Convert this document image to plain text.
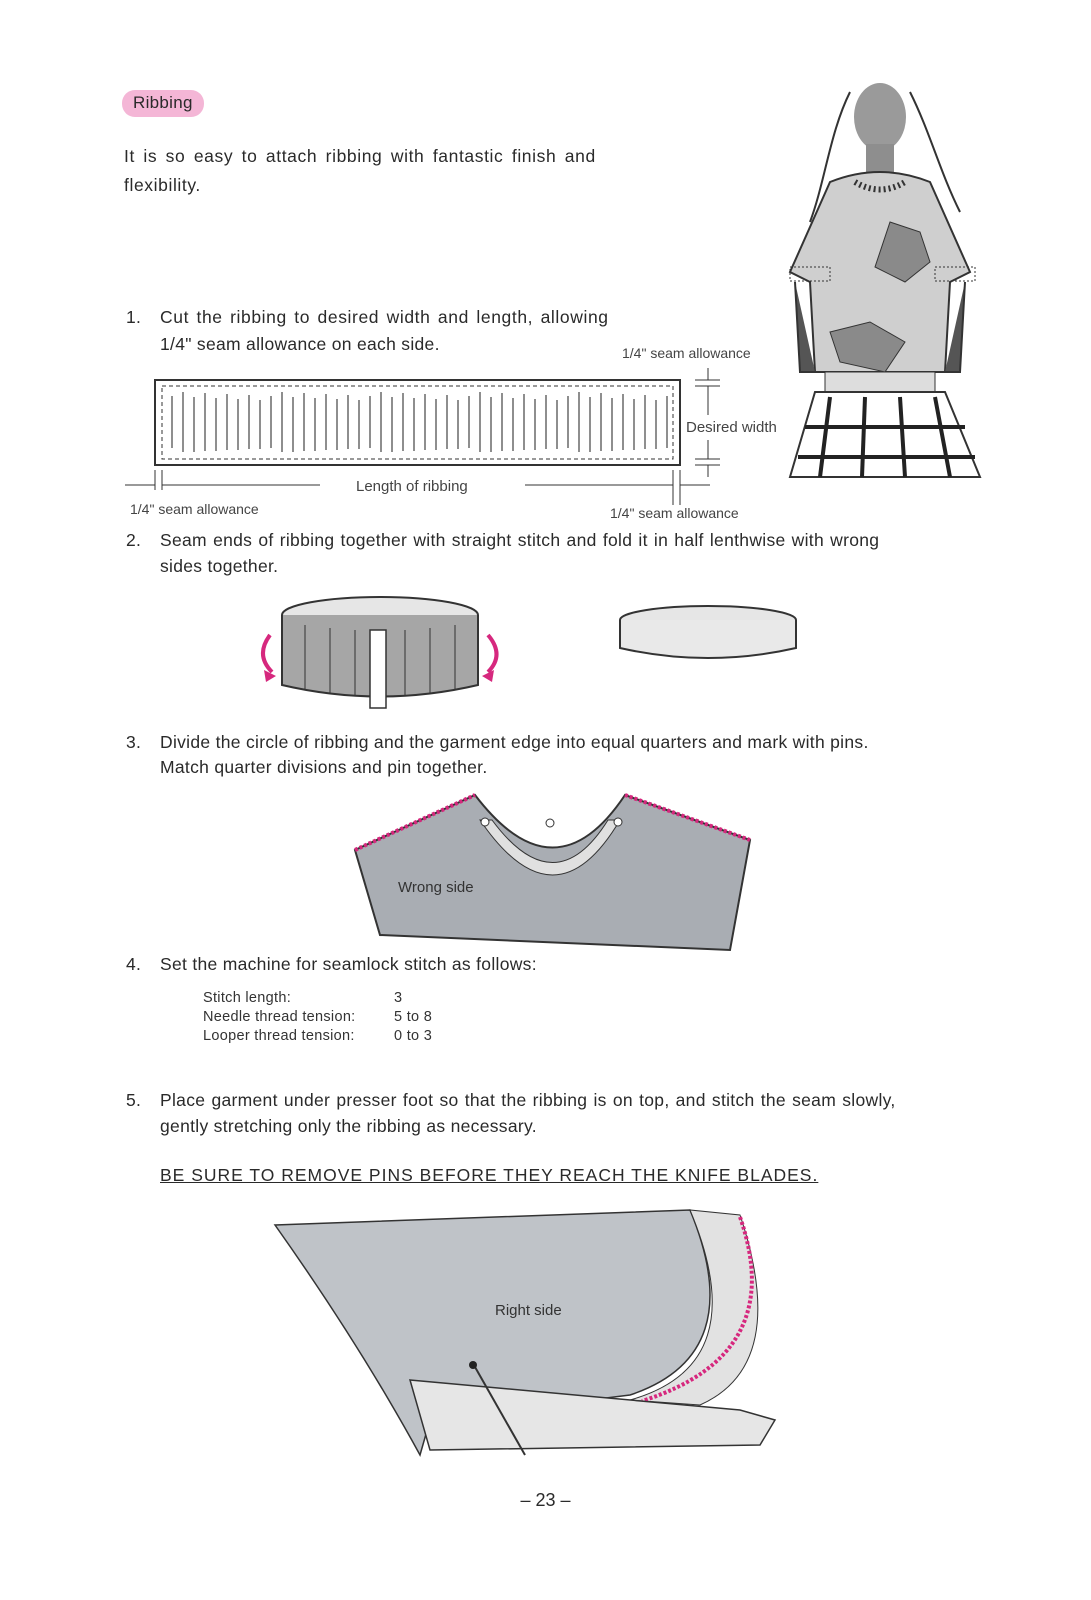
Ribbing
It is so easy to attach ribbing with fantastic finish and flexibility.
1. Cut the ribbing to desired width and length, allowing
1/4" seam allowance on each side.	1/4" seam allowance
Desired width
Length of ribbing
1/4" seam allowance	1/4" seam allowance
2. Seam ends of ribbing together with straight stitch and fold it in half lenthwise with wrong
sides together.
3. Divide the circle of ribbing and the garment edge into equal quarters and mark with pins.
Match quarter divisions and pin together.
Wrong side
4. Set the machine for seamlock stitch as follows:
Stitch length:	3
Needle thread tension:	5 to 8
Looper thread tension:	0 to 3
5. Place garment under presser foot so that the ribbing is on top, and stitch the seam slowly,
gently stretching only the ribbing as necessary.
BE SURE TO REMOVE PINS BEFORE THEY REACH THE KNIFE BLADES.
Right side
– 23 –
